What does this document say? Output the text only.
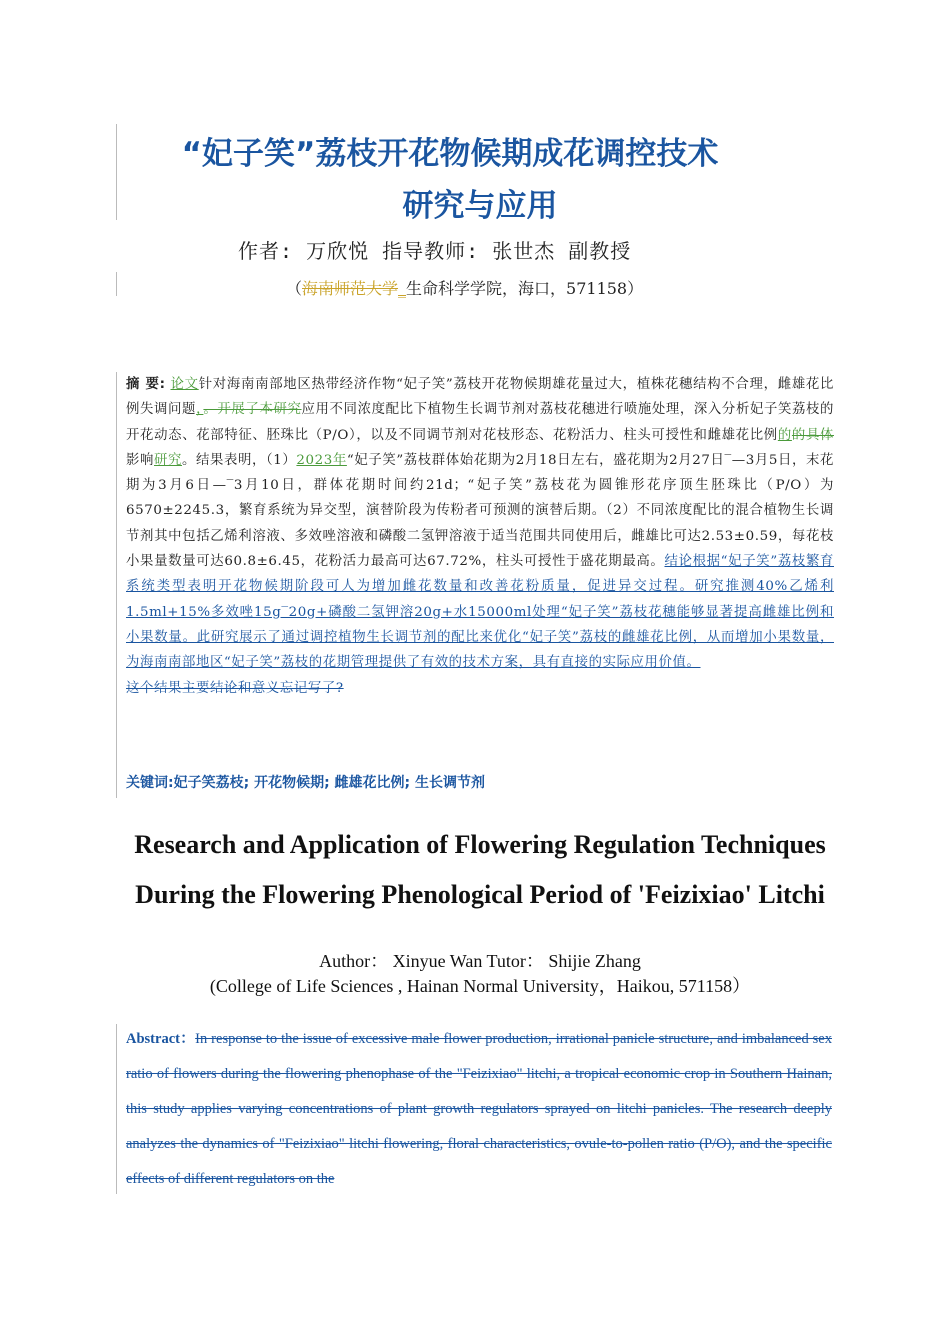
“妃子笑”荔枝开花物候期成花调控技术
研究与应用
作者: 万欣悦 指导教师: 张世杰 副教授
（海南师范大学_生命科学学院，海口，571158）
摘 要: 论文针对海南南部地区热带经济作物“妃子笑”荔枝开花物候期雄花量过大，植株花穗结构不合理，雌雄花比例失调问题，。开展了本研究应用不同浓度配比下植物生长调节剂对荔枝花穗进行喷施处理，深入分析妃子笑荔枝的开花动态、花部特征、胚珠比（P/O），以及不同调节剂对花枝形态、花粉活力、柱头可授性和雌雄花比例的的具体影响研究。结果表明，（1）2023年“妃子笑”荔枝群体始花期为2月18日左右，盛花期为2月27日‾—3月5日，末花期为3月6日—‾3月10日，群体花期时间约21d；“妃子笑”荔枝花为圆锥形花序顶生胚珠比（P/O）为6570±2245.3，繁育系统为异交型，演替阶段为传粉者可预测的演替后期。（2）不同浓度配比的混合植物生长调节剂其中包括乙烯利溶液、多效唑溶液和磷酸二氢钾溶液于适当范围共同使用后，雌雄比可达2.53±0.59，每花枝小果量数量可达60.8±6.45，花粉活力最高可达67.72%，柱头可授性于盛花期最高。结论根据“妃子笑”荔枝繁育系统类型表明开花物候期阶段可人为增加雌花数量和改善花粉质量，促进异交过程。研究推测40%乙烯利1.5ml+15%多效唑15g‾20g+磷酸二氢钾溶20g+水15000ml处理“妃子笑”荔枝花穗能够显著提高雌雄比例和小果数量。此研究展示了通过调控植物生长调节剂的配比来优化“妃子笑”荔枝的雌雄花比例，从而增加小果数量，为海南南部地区“妃子笑”荔枝的花期管理提供了有效的技术方案，具有直接的实际应用价值。
这个结果主要结论和意义忘记写了?
关键词:妃子笑荔枝; 开花物候期; 雌雄花比例; 生长调节剂
Research and Application of Flowering Regulation Techniques
During the Flowering Phenological Period of 'Feizixiao' Litchi
Author： Xinyue Wan Tutor： Shijie Zhang
(College of Life Sciences , Hainan Normal University，Haikou, 571158）
Abstract：In response to the issue of excessive male flower production, irrational panicle structure, and imbalanced sex ratio of flowers during the flowering phenophase of the "Feizixiao" litchi, a tropical economic crop in Southern Hainan, this study applies varying concentrations of plant growth regulators sprayed on litchi panicles. The research deeply analyzes the dynamics of "Feizixiao" litchi flowering, floral characteristics, ovule-to-pollen ratio (P/O), and the specific effects of different regulators on the
